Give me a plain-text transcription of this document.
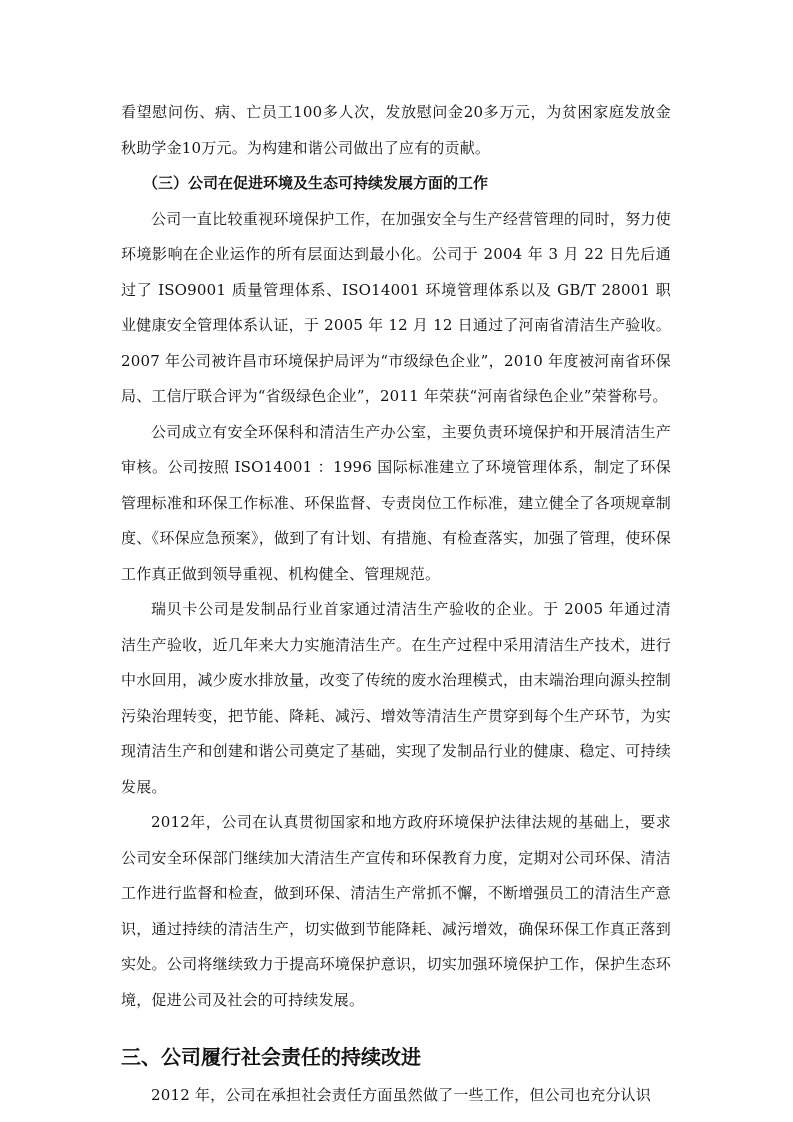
看望慰问伤、病、亡员工100多人次，发放慰问金20多万元，为贫困家庭发放金秋助学金10万元。为构建和谐公司做出了应有的贡献。

（三）公司在促进环境及生态可持续发展方面的工作

公司一直比较重视环境保护工作，在加强安全与生产经营管理的同时，努力使环境影响在企业运作的所有层面达到最小化。公司于 2004 年 3 月 22 日先后通过了 ISO9001 质量管理体系、ISO14001 环境管理体系以及 GB/T 28001 职业健康安全管理体系认证，于 2005 年 12 月 12 日通过了河南省清洁生产验收。2007 年公司被许昌市环境保护局评为“市级绿色企业”，2010 年度被河南省环保局、工信厅联合评为“省级绿色企业”，2011 年荣获“河南省绿色企业”荣誉称号。

公司成立有安全环保科和清洁生产办公室，主要负责环境保护和开展清洁生产审核。公司按照 ISO14001 ：1996 国际标准建立了环境管理体系，制定了环保管理标准和环保工作标准、环保监督、专责岗位工作标准，建立健全了各项规章制度、《环保应急预案》，做到了有计划、有措施、有检查落实，加强了管理，使环保工作真正做到领导重视、机构健全、管理规范。

瑞贝卡公司是发制品行业首家通过清洁生产验收的企业。于 2005 年通过清洁生产验收，近几年来大力实施清洁生产。在生产过程中采用清洁生产技术，进行中水回用，减少废水排放量，改变了传统的废水治理模式，由末端治理向源头控制污染治理转变，把节能、降耗、减污、增效等清洁生产贯穿到每个生产环节，为实现清洁生产和创建和谐公司奠定了基础，实现了发制品行业的健康、稳定、可持续发展。

2012年，公司在认真贯彻国家和地方政府环境保护法律法规的基础上，要求公司安全环保部门继续加大清洁生产宣传和环保教育力度，定期对公司环保、清洁工作进行监督和检查，做到环保、清洁生产常抓不懈，不断增强员工的清洁生产意识，通过持续的清洁生产，切实做到节能降耗、减污增效，确保环保工作真正落到实处。公司将继续致力于提高环境保护意识，切实加强环境保护工作，保护生态环境，促进公司及社会的可持续发展。

三、公司履行社会责任的持续改进

2012 年，公司在承担社会责任方面虽然做了一些工作，但公司也充分认识
